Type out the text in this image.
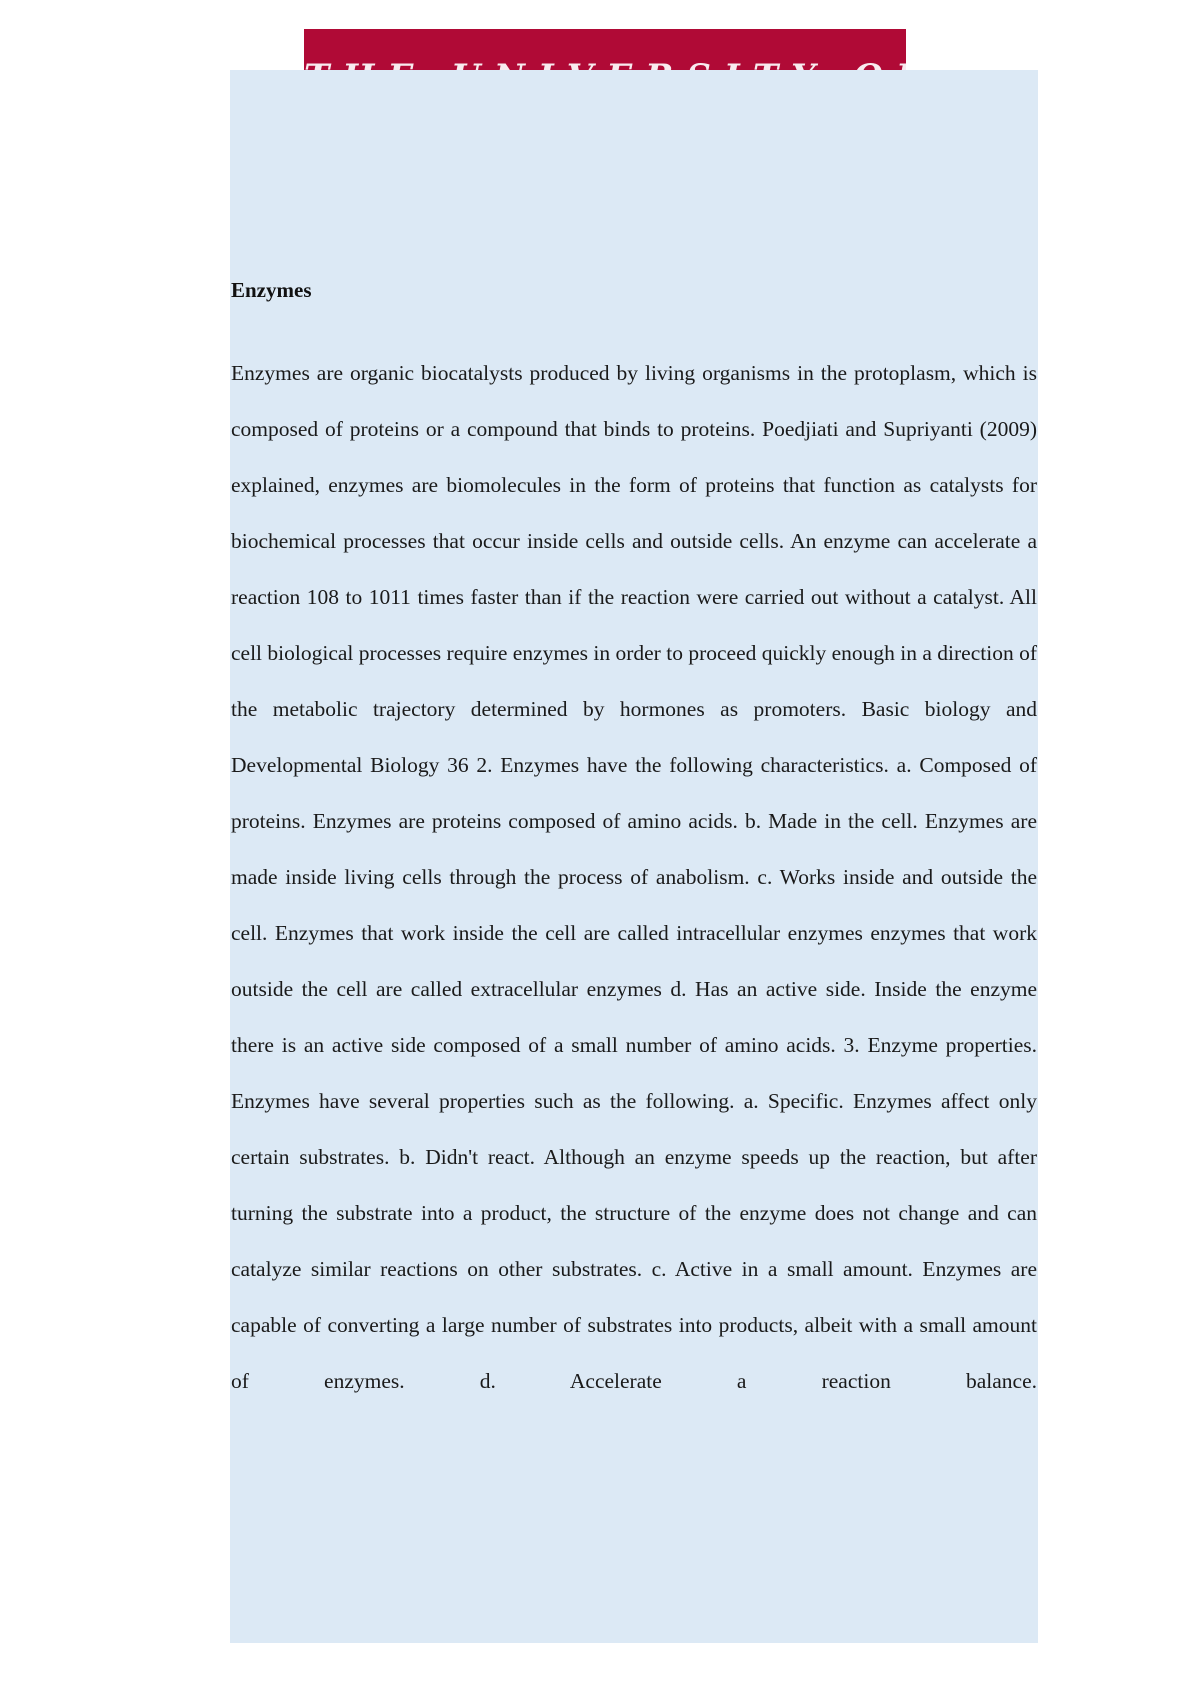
Enzymes

Enzymes are organic biocatalysts produced by living organisms in the protoplasm, which is composed of proteins or a compound that binds to proteins. Poedjiati and Supriyanti (2009) explained, enzymes are biomolecules in the form of proteins that function as catalysts for biochemical processes that occur inside cells and outside cells. An enzyme can accelerate a reaction 108 to 1011 times faster than if the reaction were carried out without a catalyst. All cell biological processes require enzymes in order to proceed quickly enough in a direction of the metabolic trajectory determined by hormones as promoters. Basic biology and Developmental Biology 36 2. Enzymes have the following characteristics. a. Composed of proteins. Enzymes are proteins composed of amino acids. b. Made in the cell. Enzymes are made inside living cells through the process of anabolism. c. Works inside and outside the cell. Enzymes that work inside the cell are called intracellular enzymes enzymes that work outside the cell are called extracellular enzymes d. Has an active side. Inside the enzyme there is an active side composed of a small number of amino acids. 3. Enzyme properties. Enzymes have several properties such as the following. a. Specific. Enzymes affect only certain substrates. b. Didn't react. Although an enzyme speeds up the reaction, but after turning the substrate into a product, the structure of the enzyme does not change and can catalyze similar reactions on other substrates. c. Active in a small amount. Enzymes are capable of converting a large number of substrates into products, albeit with a small amount of enzymes. d. Accelerate a reaction balance.
